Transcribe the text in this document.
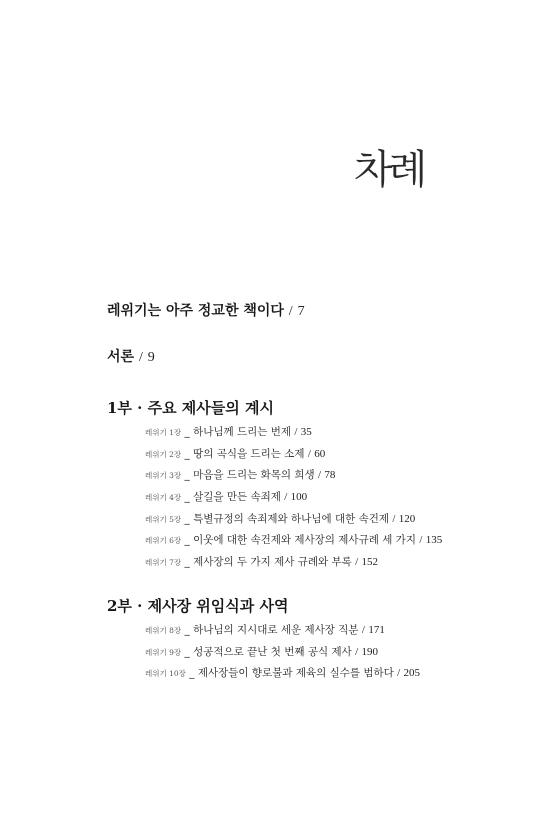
차례
레위기는 아주 정교한 책이다 / 7
서론 / 9
1부 · 주요 제사들의 계시
레위기 1장 _ 하나님께 드리는 번제 / 35
레위기 2장 _ 땅의 곡식을 드리는 소제 / 60
레위기 3장 _ 마음을 드리는 화목의 희생 / 78
레위기 4장 _ 살길을 만든 속죄제 / 100
레위기 5장 _ 특별규정의 속죄제와 하나님에 대한 속건제 / 120
레위기 6장 _ 이웃에 대한 속건제와 제사장의 제사규례 세 가지 / 135
레위기 7장 _ 제사장의 두 가지 제사 규례와 부록 / 152
2부 · 제사장 위임식과 사역
레위기 8장 _ 하나님의 지시대로 세운 제사장 직분 / 171
레위기 9장 _ 성공적으로 끝난 첫 번째 공식 제사 / 190
레위기 10장 _ 제사장들이 향로불과 제육의 실수를 범하다 / 205
